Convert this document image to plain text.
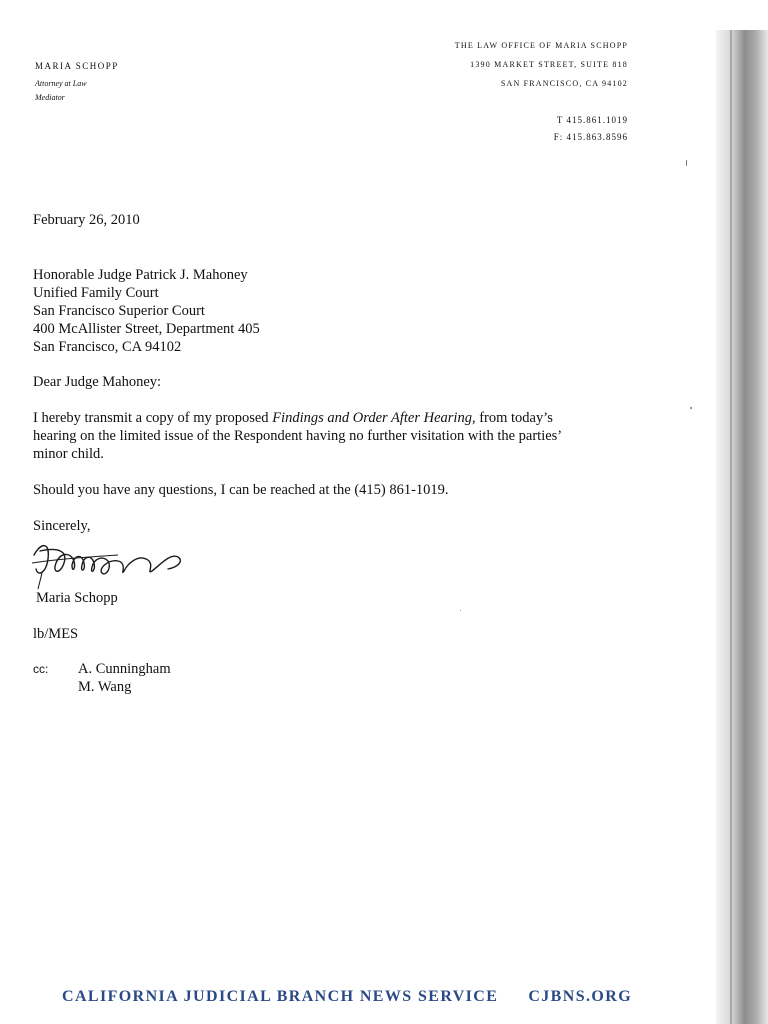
MARIA SCHOPP
Attorney at Law
Mediator
THE LAW OFFICE OF MARIA SCHOPP
1390 MARKET STREET, SUITE 818
SAN FRANCISCO, CA 94102
T 415.861.1019
F: 415.863.8596
February 26, 2010
Honorable Judge Patrick J. Mahoney
Unified Family Court
San Francisco Superior Court
400 McAllister Street, Department 405
San Francisco, CA 94102
Dear Judge Mahoney:
I hereby transmit a copy of my proposed Findings and Order After Hearing, from today’s hearing on the limited issue of the Respondent having no further visitation with the parties’ minor child.
Should you have any questions, I can be reached at the (415) 861-1019.
Sincerely,
Maria Schopp
lb/MES
cc:	A. Cunningham
M. Wang
CALIFORNIA JUDICIAL BRANCH NEWS SERVICE CJBNS.ORG
